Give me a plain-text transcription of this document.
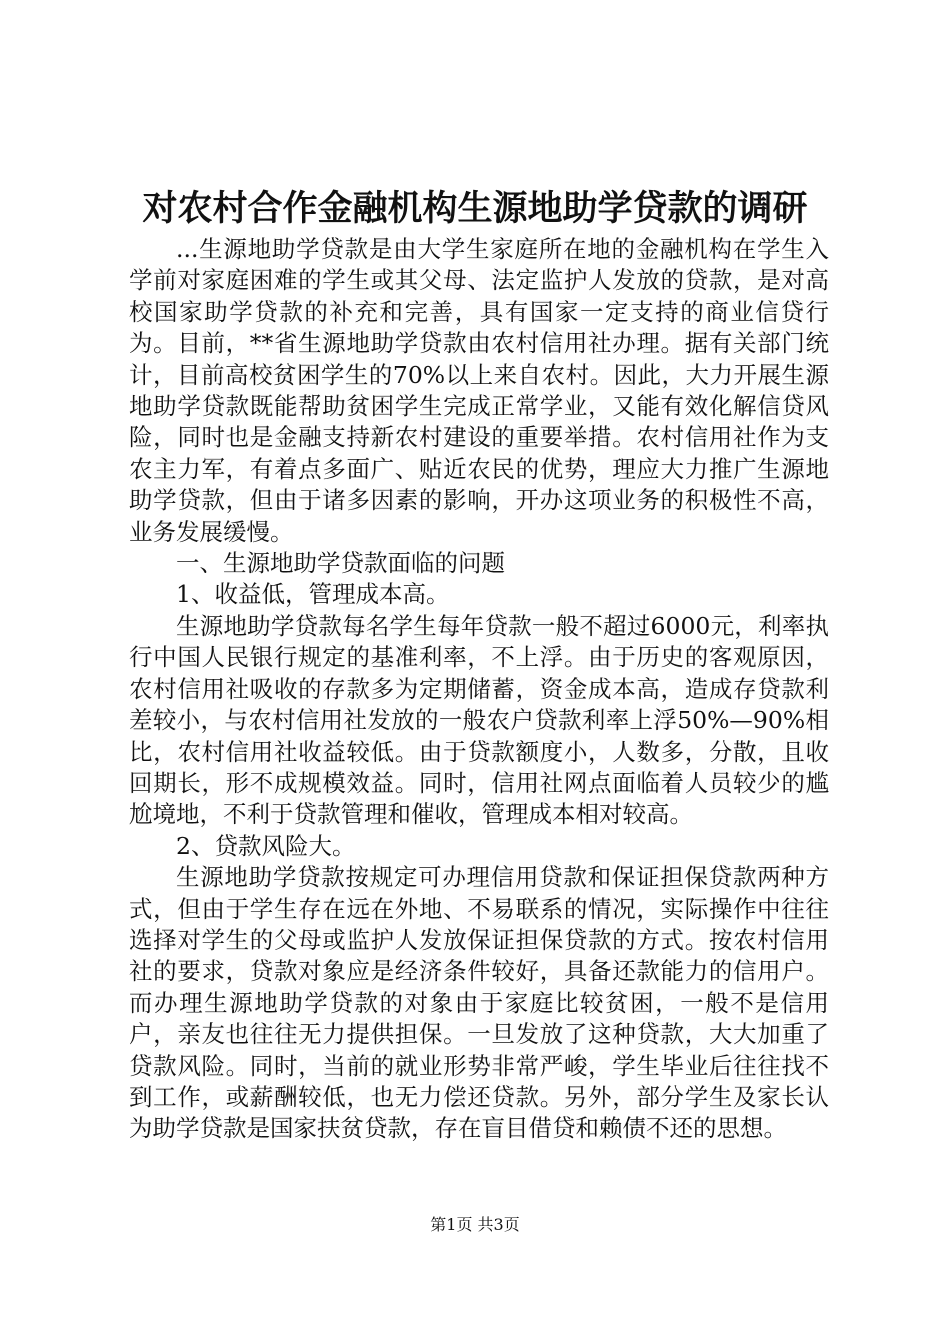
对农村合作金融机构生源地助学贷款的调研

...生源地助学贷款是由大学生家庭所在地的金融机构在学生入学前对家庭困难的学生或其父母、法定监护人发放的贷款，是对高校国家助学贷款的补充和完善，具有国家一定支持的商业信贷行为。目前，**省生源地助学贷款由农村信用社办理。据有关部门统计，目前高校贫困学生的70%以上来自农村。因此，大力开展生源地助学贷款既能帮助贫困学生完成正常学业，又能有效化解信贷风险，同时也是金融支持新农村建设的重要举措。农村信用社作为支农主力军，有着点多面广、贴近农民的优势，理应大力推广生源地助学贷款，但由于诸多因素的影响，开办这项业务的积极性不高，业务发展缓慢。

一、生源地助学贷款面临的问题

1、收益低，管理成本高。

生源地助学贷款每名学生每年贷款一般不超过6000元，利率执行中国人民银行规定的基准利率，不上浮。由于历史的客观原因，农村信用社吸收的存款多为定期储蓄，资金成本高，造成存贷款利差较小，与农村信用社发放的一般农户贷款利率上浮50%—90%相比，农村信用社收益较低。由于贷款额度小，人数多，分散，且收回期长，形不成规模效益。同时，信用社网点面临着人员较少的尴尬境地，不利于贷款管理和催收，管理成本相对较高。

2、贷款风险大。

生源地助学贷款按规定可办理信用贷款和保证担保贷款两种方式，但由于学生存在远在外地、不易联系的情况，实际操作中往往选择对学生的父母或监护人发放保证担保贷款的方式。按农村信用社的要求，贷款对象应是经济条件较好，具备还款能力的信用户。而办理生源地助学贷款的对象由于家庭比较贫困，一般不是信用户，亲友也往往无力提供担保。一旦发放了这种贷款，大大加重了贷款风险。同时，当前的就业形势非常严峻，学生毕业后往往找不到工作，或薪酬较低，也无力偿还贷款。另外，部分学生及家长认为助学贷款是国家扶贫贷款，存在盲目借贷和赖债不还的思想。

第1页 共3页
